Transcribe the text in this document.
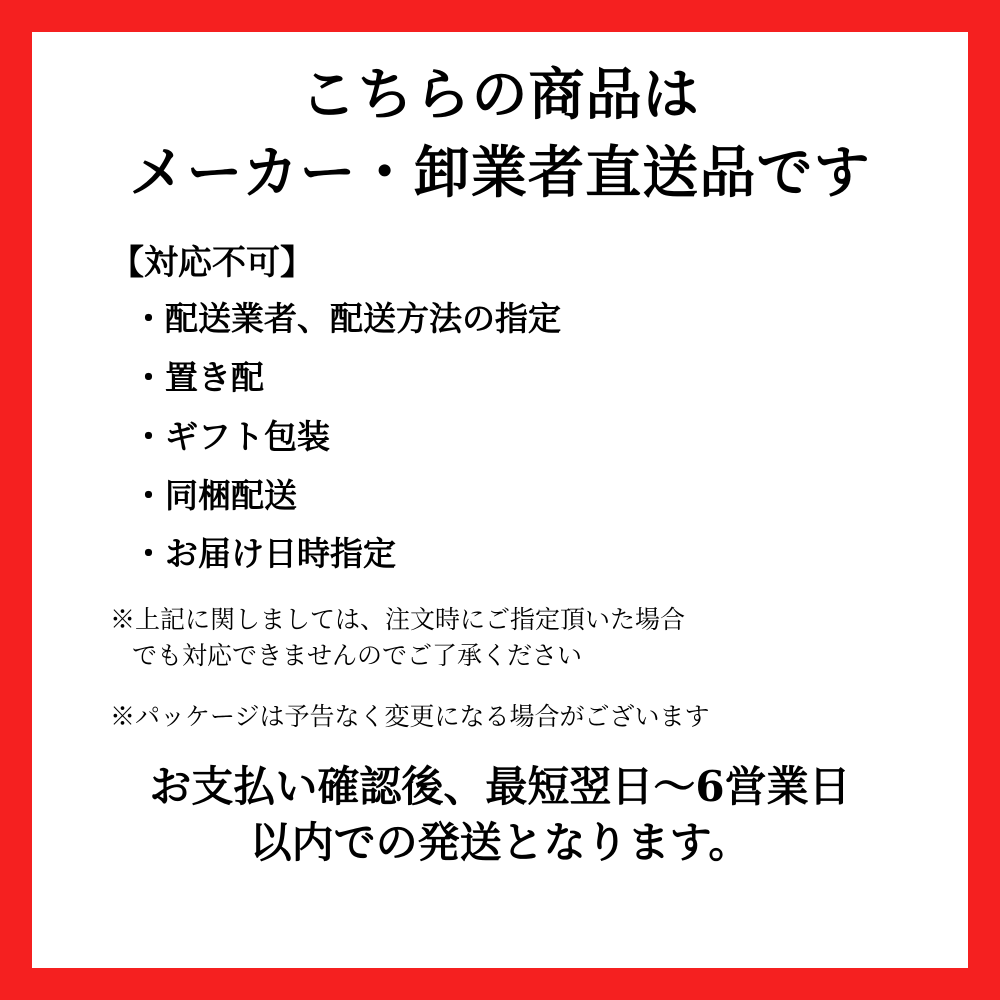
こちらの商品は
メーカー・卸業者直送品です
【対応不可】
・配送業者、配送方法の指定
・置き配
・ギフト包装
・同梱配送
・お届け日時指定
※上記に関しましては、注文時にご指定頂いた場合
でも対応できませんのでご了承ください
※パッケージは予告なく変更になる場合がございます
お支払い確認後、最短翌日〜6営業日
以内での発送となります。
